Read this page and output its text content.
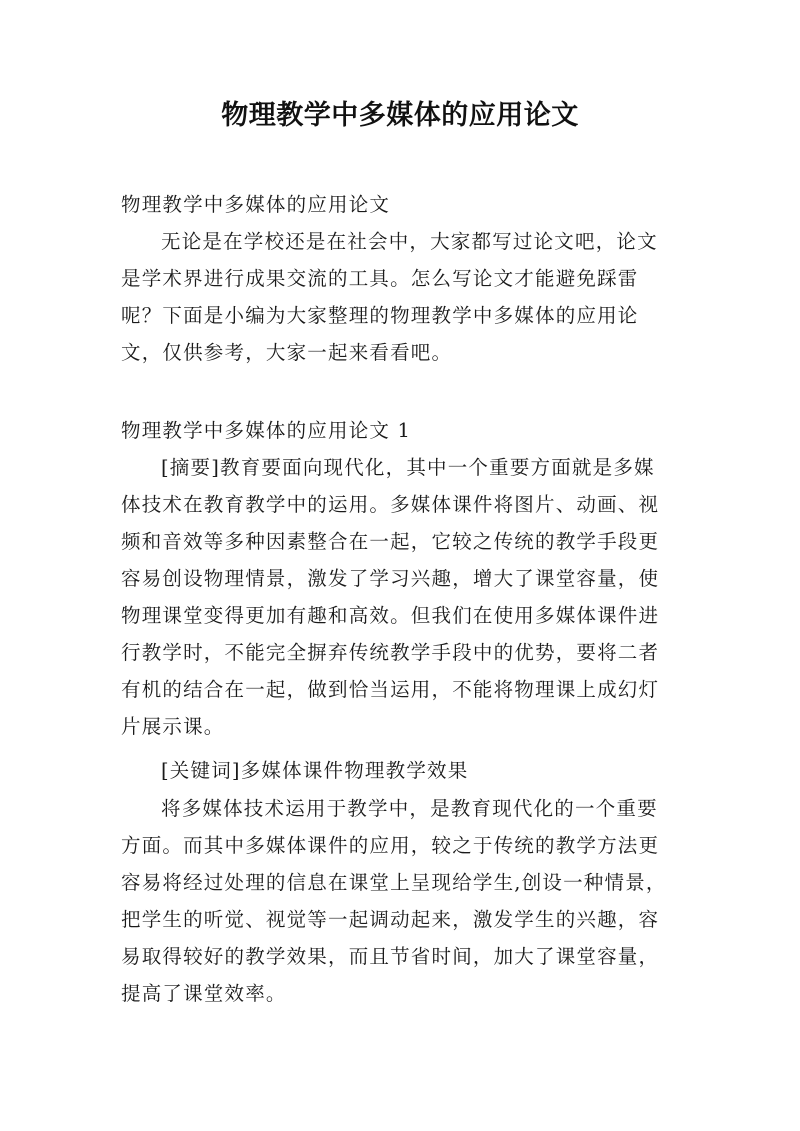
物理教学中多媒体的应用论文
物理教学中多媒体的应用论文
无论是在学校还是在社会中，大家都写过论文吧，论文
是学术界进行成果交流的工具。怎么写论文才能避免踩雷
呢？下面是小编为大家整理的物理教学中多媒体的应用论
文，仅供参考，大家一起来看看吧。
物理教学中多媒体的应用论文 1
[摘要]教育要面向现代化，其中一个重要方面就是多媒
体技术在教育教学中的运用。多媒体课件将图片、动画、视
频和音效等多种因素整合在一起，它较之传统的教学手段更
容易创设物理情景，激发了学习兴趣，增大了课堂容量，使
物理课堂变得更加有趣和高效。但我们在使用多媒体课件进
行教学时，不能完全摒弃传统教学手段中的优势，要将二者
有机的结合在一起，做到恰当运用，不能将物理课上成幻灯
片展示课。
[关键词]多媒体课件物理教学效果
将多媒体技术运用于教学中，是教育现代化的一个重要
方面。而其中多媒体课件的应用，较之于传统的教学方法更
容易将经过处理的信息在课堂上呈现给学生,创设一种情景，
把学生的听觉、视觉等一起调动起来，激发学生的兴趣，容
易取得较好的教学效果，而且节省时间，加大了课堂容量，
提高了课堂效率。
